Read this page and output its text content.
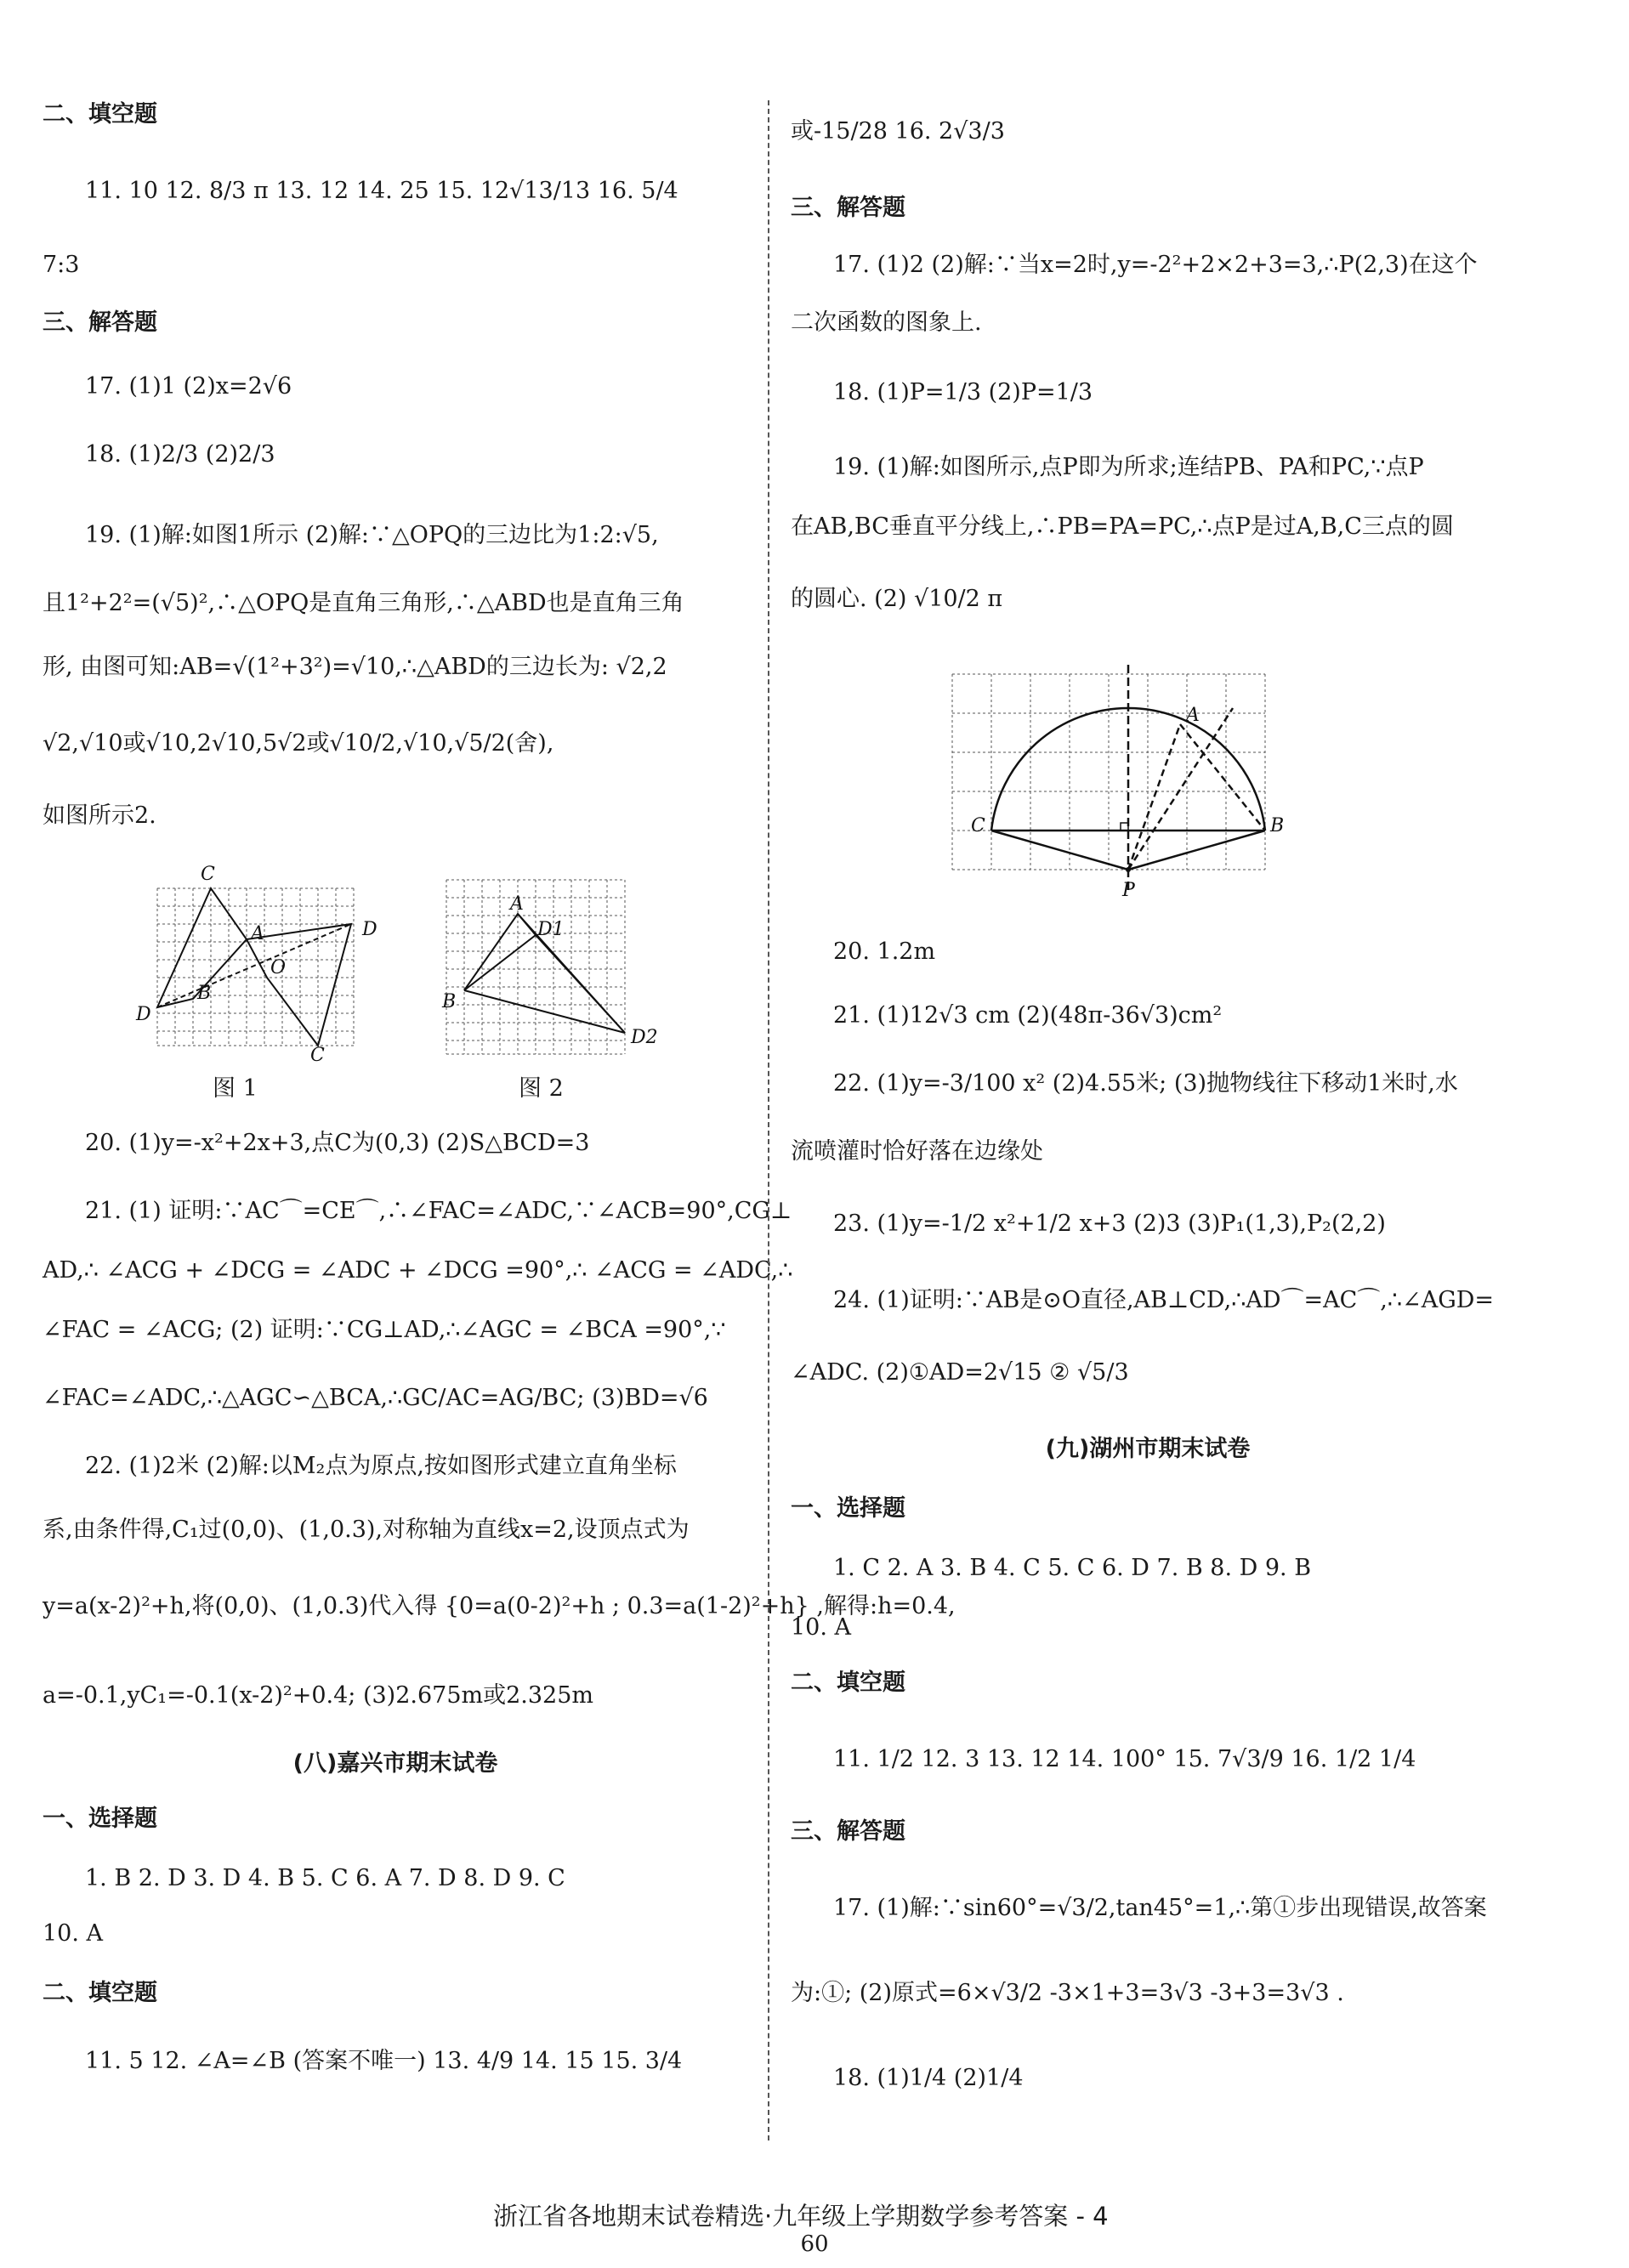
二、填空题
11. 10 12. 8/3 π 13. 12 14. 25 15. 12√13/13 16. 5/4
7:3
三、解答题
17. (1)1 (2)x=2√6
18. (1)2/3 (2)2/3
19. (1)解:如图1所示 (2)解:∵△OPQ的三边比为1:2:√5,
且1²+2²=(√5)²,∴△OPQ是直角三角形,∴△ABD也是直角三角
形, 由图可知:AB=√(1²+3²)=√10,∴△ABD的三边长为: √2,2
√2,√10或√10,2√10,5√2或√10/2,√10,√5/2(舍),
如图所示2.
C
A	D
O
D
B
C
图 1
A
D1
B
D2
图 2
20. (1)y=-x²+2x+3,点C为(0,3) (2)S△BCD=3
21. (1) 证明:∵AC⌒=CE⌒,∴∠FAC=∠ADC,∵∠ACB=90°,CG⊥
AD,∴ ∠ACG + ∠DCG = ∠ADC + ∠DCG =90°,∴ ∠ACG = ∠ADC,∴
∠FAC = ∠ACG; (2) 证明:∵CG⊥AD,∴∠AGC = ∠BCA =90°,∵
∠FAC=∠ADC,∴△AGC∽△BCA,∴GC/AC=AG/BC; (3)BD=√6
22. (1)2米 (2)解:以M₂点为原点,按如图形式建立直角坐标
系,由条件得,C₁过(0,0)、(1,0.3),对称轴为直线x=2,设顶点式为
y=a(x-2)²+h,将(0,0)、(1,0.3)代入得 {0=a(0-2)²+h ; 0.3=a(1-2)²+h} ,解得:h=0.4,
a=-0.1,yC₁=-0.1(x-2)²+0.4; (3)2.675m或2.325m
(八)嘉兴市期末试卷
一、选择题
1. B 2. D 3. D 4. B 5. C 6. A 7. D 8. D 9. C
10. A
二、填空题
11. 5 12. ∠A=∠B (答案不唯一) 13. 4/9 14. 15 15. 3/4
或-15/28 16. 2√3/3
三、解答题
17. (1)2 (2)解:∵当x=2时,y=-2²+2×2+3=3,∴P(2,3)在这个
二次函数的图象上.
18. (1)P=1/3 (2)P=1/3
19. (1)解:如图所示,点P即为所求;连结PB、PA和PC,∵点P
在AB,BC垂直平分线上,∴PB=PA=PC,∴点P是过A,B,C三点的圆
的圆心. (2) √10/2 π
A
C	B
P
20. 1.2m
21. (1)12√3 cm (2)(48π-36√3)cm²
22. (1)y=-3/100 x² (2)4.55米; (3)抛物线往下移动1米时,水
流喷灌时恰好落在边缘处
23. (1)y=-1/2 x²+1/2 x+3 (2)3 (3)P₁(1,3),P₂(2,2)
24. (1)证明:∵AB是⊙O直径,AB⊥CD,∴AD⌒=AC⌒,∴∠AGD=
∠ADC. (2)①AD=2√15 ② √5/3
(九)湖州市期末试卷
一、选择题
1. C 2. A 3. B 4. C 5. C 6. D 7. B 8. D 9. B
10. A
二、填空题
11. 1/2 12. 3 13. 12 14. 100° 15. 7√3/9 16. 1/2 1/4
三、解答题
17. (1)解:∵sin60°=√3/2,tan45°=1,∴第①步出现错误,故答案
为:①; (2)原式=6×√3/2 -3×1+3=3√3 -3+3=3√3 .
18. (1)1/4 (2)1/4
浙江省各地期末试卷精选·九年级上学期数学参考答案 - 4
60
